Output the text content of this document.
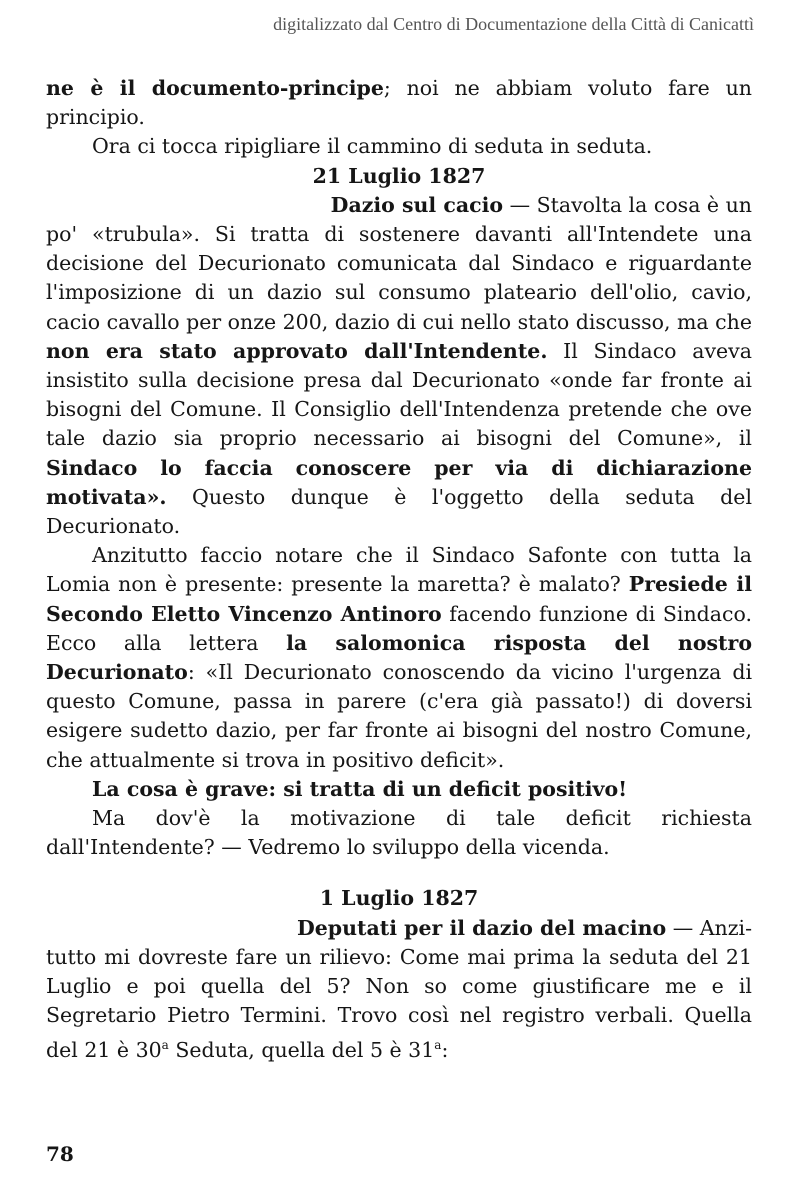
digitalizzato dal Centro di Documentazione della Città di Canicattì

ne è il documento-principe; noi ne abbiam voluto fare un principio.

Ora ci tocca ripigliare il cammino di seduta in seduta.

21 Luglio 1827

Dazio sul cacio — Stavolta la cosa è un

po' «trubula». Si tratta di sostenere davanti all'Intendete una decisione del Decurionato comunicata dal Sindaco e riguardante l'imposizione di un dazio sul consumo plateario dell'olio, cavio, cacio cavallo per onze 200, dazio di cui nello stato discusso, ma che non era stato approvato dall'Intendente. Il Sindaco aveva insistito sulla decisione presa dal Decurionato «onde far fronte ai bisogni del Comune. Il Consiglio dell'Intendenza pretende che ove tale dazio sia proprio necessario ai bisogni del Comune», il Sindaco lo faccia conoscere per via di dichiarazione motivata». Questo dunque è l'oggetto della seduta del Decurionato.

Anzitutto faccio notare che il Sindaco Safonte con tutta la Lomia non è presente: presente la maretta? è malato? Presiede il Secondo Eletto Vincenzo Antinoro facendo funzione di Sindaco. Ecco alla lettera la salomonica risposta del nostro Decurionato: «Il Decurionato conoscendo da vicino l'urgenza di questo Comune, passa in parere (c'era già passato!) di doversi esigere sudetto dazio, per far fronte ai bisogni del nostro Comune, che attualmente si trova in positivo deficit».

La cosa è grave: si tratta di un deficit positivo!

Ma dov'è la motivazione di tale deficit richiesta dall'Intendente? — Vedremo lo sviluppo della vicenda.

1 Luglio 1827

Deputati per il dazio del macino — Anzi-

tutto mi dovreste fare un rilievo: Come mai prima la seduta del 21 Luglio e poi quella del 5? Non so come giustificare me e il Segretario Pietro Termini. Trovo così nel registro verbali. Quella del 21 è 30$^a$ Seduta, quella del 5 è 31$^a$:

78
